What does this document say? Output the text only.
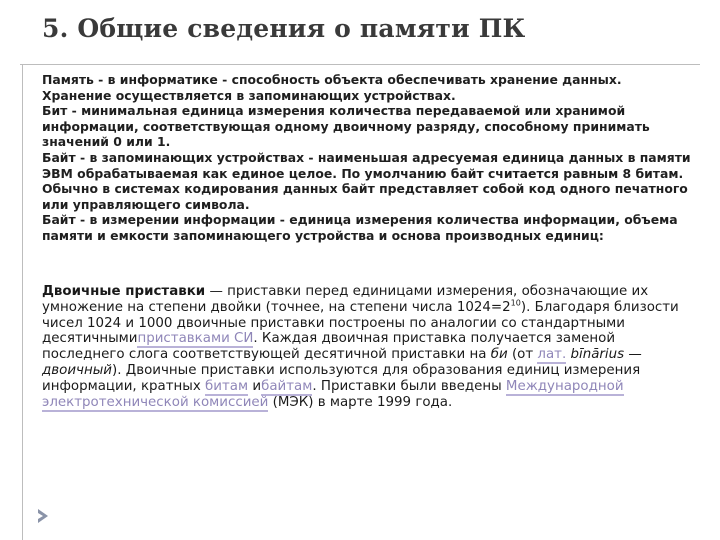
5. Общие сведения о памяти ПК

Память - в информатике - способность объекта обеспечивать хранение данных. Хранение осуществляется в запоминающих устройствах.

Бит - минимальная единица измерения количества передаваемой или хранимой информации, соответствующая одному двоичному разряду, способному принимать значений 0 или 1.

Байт - в запоминающих устройствах - наименьшая адресуемая единица данных в памяти ЭВМ обрабатываемая как единое целое. По умолчанию байт считается равным 8 битам. Обычно в системах кодирования данных байт представляет собой код одного печатного или управляющего символа.

Байт - в измерении информации - единица измерения количества информации, объема памяти и емкости запоминающего устройства и основа производных единиц:

Двоичные приставки — приставки перед единицами измерения, обозначающие их умножение на степени двойки (точнее, на степени числа $1024=2^{10}$). Благодаря близости чисел 1024 и 1000 двоичные приставки построены по аналогии со стандартными десятичнымиприставками СИ. Каждая двоичная приставка получается заменой последнего слога соответствующей десятичной приставки на би (от лат. bīnārius — двоичный). Двоичные приставки используются для образования единиц измерения информации, кратных битам ибайтам. Приставки были введены Международной электротехнической комиссией (МЭК) в марте 1999 года.
